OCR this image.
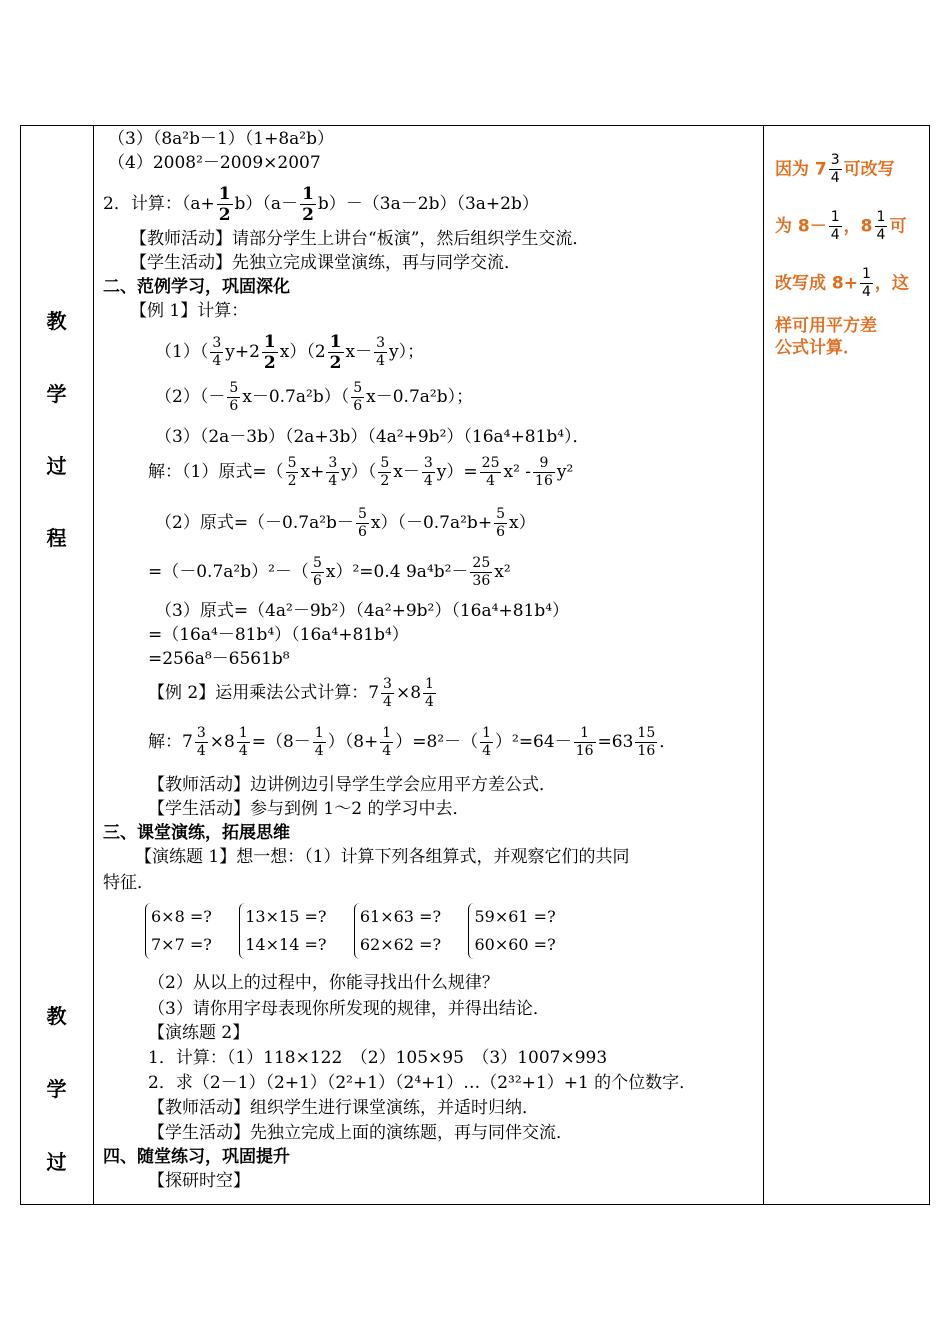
教
学
过
程
教
学
过
（3）（8a²b－1）（1+8a²b）
（4）2008²－2009×2007
2．计算：$(a+ \frac{1}{2} b)(a- \frac{1}{2} b)-(3a-2b)(3a+2b)$
【教师活动】请部分学生上讲台“板演”，然后组织学生交流．
【学生活动】先独立完成课堂演练，再与同学交流．
二、范例学习，巩固深化
【例 1】计算：
$(1)( \frac{3}{4} y+2 \frac{1}{2} x)(2 \frac{1}{2} x- \frac{3}{4} y)$；
$(2)(- \frac{5}{6} x-0.7a^2b)( \frac{5}{6} x-0.7a^2b)$；
（3）（2a－3b）（2a+3b）（4a²+9b²）（16a⁴+81b⁴）．
解：（1）原式=（ $\frac{5}{2} x+ \frac{3}{4} y)( \frac{5}{2} x- \frac{3}{4} y)= \frac{25}{4} x^2 - \frac{9}{16} y^2$
（2）原式$=(-0.7a^2b- \frac{5}{6} x)(-0.7a^2b+ \frac{5}{6} x)$
$=(-0.7a^2b)^2-( \frac{5}{6} x)^2=0.4$ $9a^4b^2- \frac{25}{36} x^2$
（3）原式=（4a²－9b²）（4a²+9b²）（16a⁴+81b⁴）
=（16a⁴－81b⁴）（16a⁴+81b⁴）
=256a⁸－6561b⁸
【例 2】运用乘法公式计算：$7 \frac{3}{4} \times 8 \frac{1}{4}$
解：$7 \frac{3}{4} \times 8 \frac{1}{4} =(8- \frac{1}{4} )(8+ \frac{1}{4} )=8^2-( \frac{1}{4} )^2=64- \frac{1}{16} =63 \frac{15}{16}$ ．
【教师活动】边讲例边引导学生学会应用平方差公式．
【学生活动】参与到例 1～2 的学习中去．
三、课堂演练，拓展思维
【演练题 1】想一想：（1）计算下列各组算式，并观察它们的共同
特征．
6×8 =?
7×7 =? 13×15 =?
14×14 =? 61×63 =?
62×62 =? 59×61 =?
60×60 =?
（2）从以上的过程中，你能寻找出什么规律？
（3）请你用字母表现你所发现的规律，并得出结论．
【演练题 2】
1．计算：（1）118×122　（2）105×95　（3）1007×993
2．求（2－1）（2+1）（2²+1）（2⁴+1）…（2³²+1）+1 的个位数字．
【教师活动】组织学生进行课堂演练，并适时归纳．
【学生活动】先独立完成上面的演练题，再与同伴交流．
四、随堂练习，巩固提升
【探研时空】
因为 $7 \frac{3}{4}$ 可改写
为 $8- \frac{1}{4}$ ，$8 \frac{1}{4}$ 可
改写成 $8+ \frac{1}{4}$ ，这
样可用平方差
公式计算．
